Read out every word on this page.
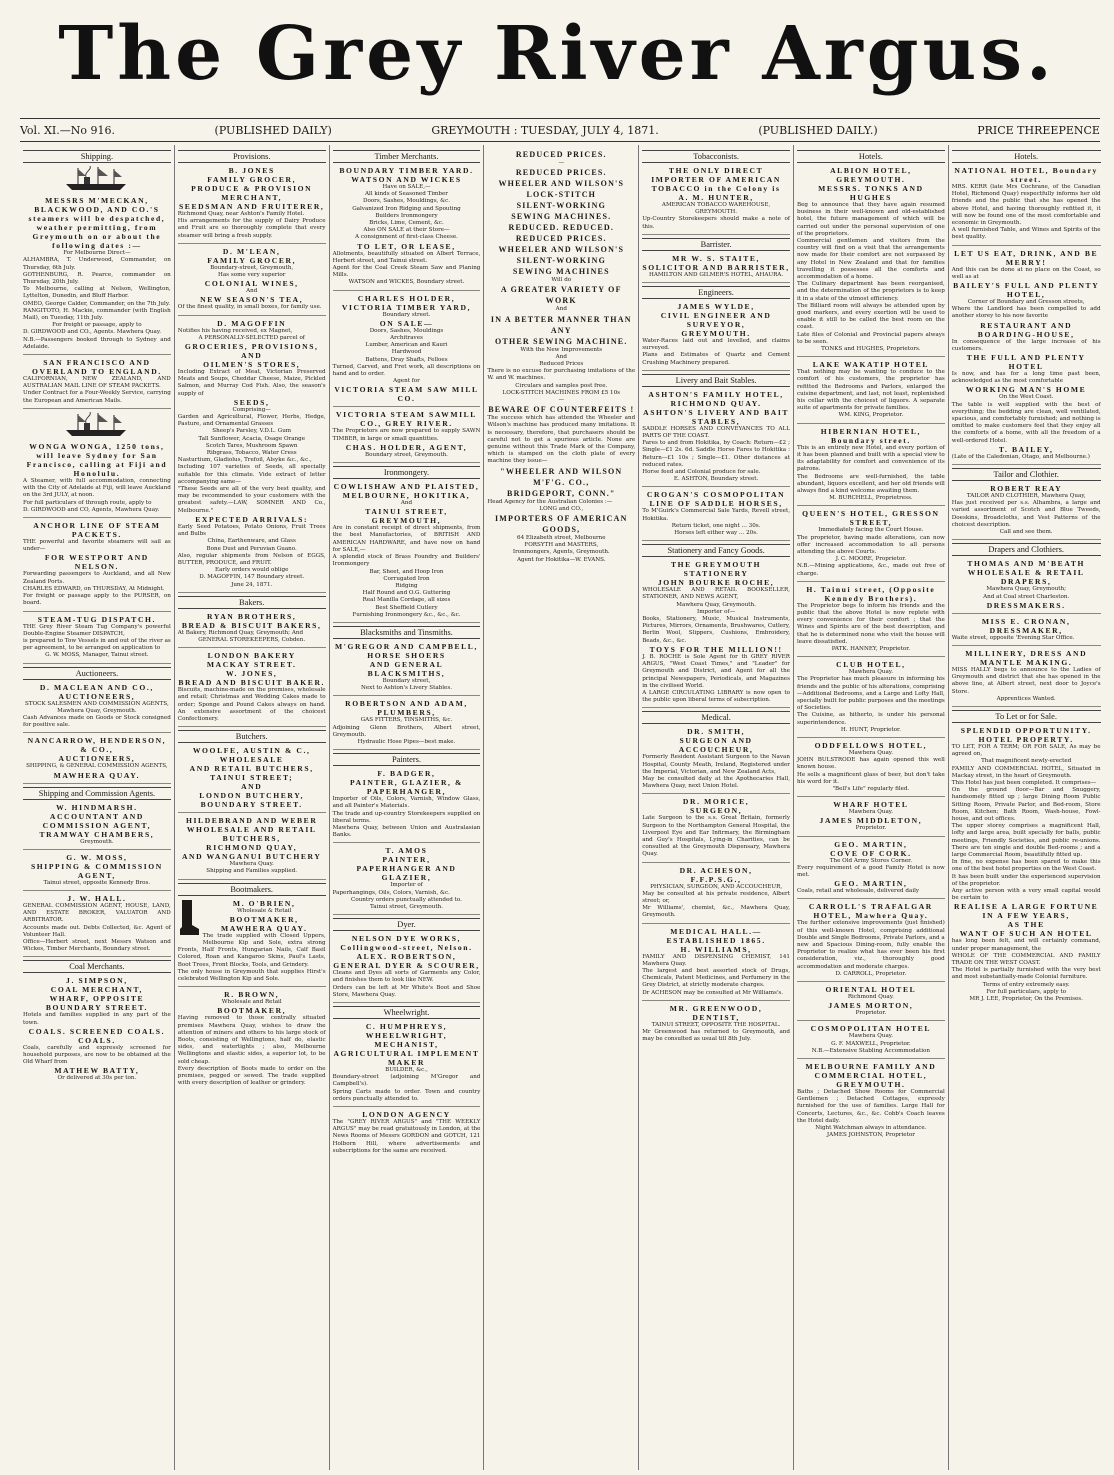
The Grey River Argus.
Vol. XI.—No 916.	(PUBLISHED DAILY)	GREYMOUTH : TUESDAY, JULY 4, 1871.	(PUBLISHED DAILY.)	PRICE THREEPENCE
Shipping.
MESSRS M'MECKAN, BLACKWOOD, AND CO.'S steamers will be despatched, weather permitting, from Greymouth on or about the following dates :—
For Melbourne Direct—
ALHAMBRA, T. Underwood, Commander, on Thursday, 6th July.
GOTHENBURG, R. Pearce, commander on Thursday, 20th July.
To Melbourne, calling at Nelson, Wellington, Lyttelton, Dunedin, and Bluff Harbor.
OMEO, George Calder, Commander, on the 7th July.
RANGITOTO, H. Mackie, commander (with English Mail), on Tuesday, 11th July.
For freight or passage, apply to
D. GIRDWOOD and CO., Agents. Mawhera Quay.
N.B.—Passengers booked through to Sydney and Adelaide.
SAN FRANCISCO AND OVERLAND TO ENGLAND.
CALIFORNIAN, NEW ZEALAND, AND AUSTRALIAN MAIL LINE OF STEAM PACKETS.
Under Contract for a Four-Weekly Service, carrying the European and American Mails.
WONGA WONGA, 1250 tons, will leave Sydney for San Francisco, calling at Fiji and Honolulu.
A Steamer, with full accommodation, connecting with the City of Adelaide at Fiji, will leave Auckland on the 3rd JULY, at noon.
For full particulars of through route, apply to
D. GIRDWOOD and CO, Agents, Mawhera Quay.
ANCHOR LINE OF STEAM PACKETS.
THE powerful and favorite steamers will sail as under—
FOR WESTPORT AND NELSON.
Forwarding passengers to Auckland, and all New Zealand Ports.
CHARLES EDWARD, on THURSDAY, At Midnight.
For freight or passage apply to the PURSER, on board.
STEAM-TUG DISPATCH.
THE Grey River Steam Tug Company's powerful Double-Engine Steamer DISPATCH,
is prepared to Tow Vessels in and out of the river as per agreement, to be arranged on application to
G. W. MOSS, Manager, Tainui street.
Auctioneers.
D. MACLEAN AND CO.,
AUCTIONEERS,
STOCK SALESMEN AND COMMISSION AGENTS,
Mawhera Quay, Greymouth.
Cash Advances made on Goods or Stock consigned for positive sale.
NANCARROW, HENDERSON, & CO.,
AUCTIONEERS,
SHIPPING, & GENERAL COMMISSION AGENTS,
MAWHERA QUAY.
Shipping and Commission Agents.
W. HINDMARSH.
ACCOUNTANT AND COMMISSION AGENT,
TRAMWAY CHAMBERS,
Greymouth.
G. W. MOSS,
SHIPPING & COMMISSION AGENT,
Tainui street, opposite Kennedy Bros.
J. W. HALL.
GENERAL COMMISSION AGENT, HOUSE, LAND, AND ESTATE BROKER, VALUATOR AND ARBITRATOR.
Accounts made out. Debts Collected, &c. Agent of Volunteer Hall.
Office—Herbert street, next Messrs Watson and Wickes, Timber Merchants, Boundary street.
Coal Merchants.
J. SIMPSON,
COAL MERCHANT,
WHARF, OPPOSITE BOUNDARY STREET.
Hotels and families supplied in any part of the town.
COALS. SCREENED COALS. COALS.
Coals, carefully and expressly screened for household purposes, are now to be obtained at the Old Wharf from
MATHEW BATTY,
Or delivered at 30s per ton.
Provisions.
B. JONES
FAMILY GROCER,
PRODUCE & PROVISION MERCHANT,
SEEDSMAN AND FRUITERER,
Richmond Quay, near Ashton's Family Hotel.
His arrangements for the supply of Dairy Produce and Fruit are so thoroughly complete that every steamer will bring a fresh supply.
D. M'LEAN,
FAMILY GROCER,
Boundary-street, Greymouth,
Has some very superior
COLONIAL WINES,
And
NEW SEASON'S TEA,
Of the finest quality, in small boxes, for family use.
D. MAGOFFIN
Notifies his having received, ex Magnet,
A PERSONALLY-SELECTED parcel of
GROCERIES, PROVISIONS, AND
OILMEN'S STORES,
Including Extract of Meat, Victorian Preserved Meats and Soups, Cheddar Cheese, Maize, Pickled Salmon, and Murray Cod Fish. Also, the season's supply of
SEEDS,
Comprising—
Garden and Agricultural, Flower, Herbs, Hedge, Pasture, and Ornamental Grasses
Sheep's Parsley, V.D.L. Gum
Tall Sunflower, Acacia, Osage Orange
Scotch Tares, Mushroom Spawn
Ribgrass, Tobacco, Water Cress
Nasturtium, Gladiolus, Trefoil, Alsyke &c., &c.,
Including 107 varieties of Seeds, all specially suitable for this climate. Vide extract of letter accompanying same—
"These Seeds are all of the very best quality, and may be recommended to your customers with the greatest safety.—LAW, SOMNER AND Co., Melbourne."
EXPECTED ARRIVALS:
Early Seed Potatoes, Potato Onions, Fruit Trees and Bulbs
China, Earthenware, and Glass
Bone Dust and Peruvian Guano.
Also, regular shipments from Nelson of EGGS, BUTTER, PRODUCE, and FRUIT.
Early orders would oblige
D. MAGOFFIN, 147 Boundary street.
June 24, 1871.
Bakers.
RYAN BROTHERS,
BREAD & BISCUIT BAKERS,
At Bakery, Richmond Quay, Greymouth; And
GENERAL STOREKEEPERS, Cobden.
LONDON BAKERY
MACKAY STREET.
W. JONES,
BREAD AND BISCUIT BAKER.
Biscuits, machine-made on the premises, wholesale and retail; Christmas and Wedding Cakes made to order; Sponge and Pound Cakes always on hand. An extensive assortment of the choicest Confectionery.
Butchers.
WOOLFE, AUSTIN & C.,
WHOLESALE
AND RETAIL BUTCHERS,
TAINUI STREET;
AND
LONDON BUTCHERY,
BOUNDARY STREET.
HILDEBRAND AND WEBER
WHOLESALE AND RETAIL BUTCHERS,
RICHMOND QUAY,
AND WANGANUI BUTCHERY
Mawhera Quay.
Shipping and Families supplied.
Bootmakers.
M. O'BRIEN,
Wholesale & Retail
BOOTMAKER,
MAWHERA QUAY.
The trade supplied with Closed Uppers, Melbourne Kip and Sole, extra strong Fronts, Half Fronts, Hungarian Nails, Calf Basil Colored, Roan and Kangaroo Skins, Paul's Lasts, Boot Trees, Front Blocks, Tools, and Grindery.
The only house in Greymouth that supplies Hirst's celebrated Wellington Kip and Sole.
R. BROWN,
Wholesale and Retail
BOOTMAKER,
Having removed to those centrally situated premises Mawhera Quay, wishes to draw the attention of miners and others to his large stock of Boots, consisting of Wellingtons, half do, elastic sides, and watertights ; also, Melbourne Wellingtons and elastic sides, a superior lot, to be sold cheap.
Every description of Boots made to order on the premises, pegged or sewed. The trade supplied with every description of leather or grindery.
Timber Merchants.
BOUNDARY TIMBER YARD.
WATSON AND WICKES
Have on SALE,—
All kinds of Seasoned Timber
Doors, Sashes, Mouldings, &c.
Galvanized Iron Ridging and Spouting
Builders Ironmongery
Bricks, Lime, Cement, &c.
Also ON SALE at their Store—
A consignment of first-class Cheese.
TO LET, OR LEASE,
Allotments, beautifully situated on Albert Terrace, Herbert street, and Tainui street.
Agent for the Coal Creek Steam Saw and Planing Mills.
WATSON and WICKES, Boundary street.
CHARLES HOLDER,
VICTORIA TIMBER YARD,
Boundary street.
ON SALE—
Doors, Sashes, Mouldings
Architraves
Lumber, American and Kauri
Hardwood
Battens, Dray Shafts, Felloes
Turned, Carved, and Fret work, all descriptions on hand and to order.
Agent for
VICTORIA STEAM SAW MILL CO.
VICTORIA STEAM SAWMILL CO., GREY RIVER.
The Proprietors are now prepared to supply SAWN TIMBER, in large or small quantities.
CHAS. HOLDER, AGENT,
Boundary street, Greymouth.
Ironmongery.
COWLISHAW AND PLAISTED,
MELBOURNE, HOKITIKA,
And
TAINUI STREET, GREYMOUTH,
Are in constant receipt of direct shipments, from the best Manufactories, of BRITISH AND AMERICAN HARDWARE, and have now on hand for SALE,—
A splendid stock of Brass Foundry and Builders' Ironmongery
Bar, Sheet, and Hoop Iron
Corrugated Iron
Ridging
Half Round and O.G. Guttering
Real Manilla Cordage, all sizes
Best Sheffield Cutlery
Furnishing Ironmongery &c., &c., &c.
Blacksmiths and Tinsmiths.
M'GREGOR AND CAMPBELL,
HORSE SHOERS
AND GENERAL BLACKSMITHS,
Boundary street,
Next to Ashton's Livery Stables.
ROBERTSON AND ADAM,
PLUMBERS,
GAS FITTERS, TINSMITHS, &c.
Adjoining Glenn Brothers, Albert street, Greymouth.
Hydraulic Hose Pipes—best make.
Painters.
F. BADGER,
PAINTER, GLAZIER, & PAPERHANGER,
Importer of Oils, Colors, Varnish, Window Glass, and all Painter's Materials.
The trade and up-country Storekeepers supplied on liberal terms.
Mawhera Quay, between Union and Australasian Banks.
T. AMOS
PAINTER,
PAPERHANGER AND GLAZIER,
Importer of
Paperhangings, Oils, Colors, Varnish, &c.
Country orders punctually attended to.
Tainui street, Greymouth.
Dyer.
NELSON DYE WORKS, Collingwood-street, Nelson.
ALEX. ROBERTSON,
GENERAL DYER & SCOURER,
Cleans and Dyes all sorts of Garments any Color, and finishes them to look like NEW.
Orders can be left at Mr White's Boot and Shoe Store, Mawhera Quay.
Wheelwright.
C. HUMPHREYS,
WHEELWRIGHT, MECHANIST,
AGRICULTURAL IMPLEMENT MAKER
BUILDER, &c.,
Boundary-street (adjoining M'Gregor and Campbell's).
Spring Carts made to order. Town and country orders punctually attended to.
LONDON AGENCY
The "GREY RIVER ARGUS" and "THE WEEKLY ARGUS" may be read gratuitously in London, at the News Rooms of Messrs GORDON and GOTCH, 121 Holborn Hill, where advertisements and subscriptions for the same are received.
REDUCED PRICES.
—
REDUCED PRICES.
WHEELER AND WILSON'S
LOCK-STITCH
SILENT-WORKING
SEWING MACHINES.
REDUCED. REDUCED. REDUCED PRICES.
WHEELER AND WILSON'S
SILENT-WORKING
SEWING MACHINES
Will do
A GREATER VARIETY OF WORK
And
IN A BETTER MANNER THAN ANY
OTHER SEWING MACHINE.
With the New Improvements
And
Reduced Prices
There is no excuse for purchasing imitations of the W. and W. machines.
Circulars and samples post free.
LOCK-STITCH MACHINES FROM £5 10s
—
BEWARE OF COUNTERFEITS !
The success which has attended the Wheeler and Wilson's machine has produced many imitations. It is necessary, therefore, that purchasers should be careful not to get a spurious article. None are genuine without this Trade Mark of the Company, which is stamped on the cloth plate of every machine they issue—
"WHEELER AND WILSON M'F'G. CO.,
BRIDGEPORT, CONN."
Head Agency for the Australian Colonies :—
LONG and CO.,
IMPORTERS OF AMERICAN GOODS,
64 Elizabeth street, Melbourne
FORSYTH and MASTERS,
Ironmongers, Agents, Greymouth.
Agent for Hokitika—W. EVANS.
Tobacconists.
THE ONLY DIRECT IMPORTER OF AMERICAN TOBACCO in the Colony is
A. M. HUNTER,
AMERICAN TOBACCO WAREHOUSE, GREYMOUTH.
Up-Country Storekeepers should make a note of this.
Barrister.
MR W. S. STAITE,
SOLICITOR AND BARRISTER,
HAMILTON AND GILMER'S HOTEL, AHAURA.
Engineers.
JAMES WYLDE,
CIVIL ENGINEER AND SURVEYOR,
GREYMOUTH.
Water-Races laid out and levelled, and claims surveyed.
Plans and Estimates of Quartz and Cement Crushing Machinery prepared.
Livery and Bait Stables.
ASHTON'S FAMILY HOTEL, RICHMOND QUAY.
ASHTON'S LIVERY AND BAIT STABLES,
SADDLE HORSES AND CONVEYANCES TO ALL PARTS OF THE COAST.
Fares to and from Hokitika, by Coach: Return—£2 ; Single—£1 2s. 6d. Saddle Horse Fares to Hokitika : Return—£1 10s ; Single—£1. Other distances at reduced rates.
Horse feed and Colonial produce for sale.
E. ASHTON, Boundary street.
CROGAN'S COSMOPOLITAN LINE OF SADDLE HORSES,
To M'Guirk's Commercial Sale Yards, Revell street, Hokitika.
Return ticket, one night ... 30s.
Horses left either way ... 20s.
Stationery and Fancy Goods.
THE GREYMOUTH STATIONERY
JOHN BOURKE ROCHE,
WHOLESALE AND RETAIL BOOKSELLER, STATIONER, AND NEWS AGENT,
Mawhera Quay, Greymouth.
Importer of—
Books, Stationery, Music, Musical Instruments, Pictures, Mirrors, Ornaments, Brushwares, Cutlery, Berlin Wool, Slippers, Cushions, Embroidery, Beads, &c., &c.
TOYS FOR THE MILLION!!
J. B. ROCHE is Sole Agent for th GREY RIVER ARGUS, "West Coast Times," and "Leader" for Greymouth and District, and Agent for all the principal Newspapers, Periodicals, and Magazines in the civilised World.
A LARGE CIRCULATING LIBRARY is now open to the public upon liberal terms of subscription.
Medical.
DR. SMITH,
SURGEON AND ACCOUCHEUR,
Formerly Resident Assistant Surgeon to the Navan Hospital, County Meath, Ireland, Registered under the Imperial, Victorian, and New Zealand Acts,
May be consulted daily at the Apothecaries Hall, Mawhera Quay, next Union Hotel.
DR. MORICE,
SURGEON,
Late Surgeon to the s.s. Great Britain, formerly Surgeon to the Northampton General Hospital, the Liverpool Eye and Ear Infirmary, the Birmingham and Guy's Hospitals, Lying-in Charities, can be consulted at the Greymouth Dispensary, Mawhera Quay.
DR. ACHESON,
F.F.P.S.G.,
PHYSICIAN, SURGEON, AND ACCOUCHEUR,
May be consulted at his private residence, Albert street; or,
Mr Williams', chemist, &c., Mawhera Quay, Greymouth.
MEDICAL HALL.—ESTABLISHED 1865.
H. WILLIAMS,
FAMILY AND DISPENSING CHEMIST, 141 Mawhera Quay.
The largest and best assorted stock of Drugs, Chemicals, Patent Medicines, and Perfumery in the Grey District, at strictly moderate charges.
Dr ACHESON may be consulted at Mr Williams's.
MR. GREENWOOD,
DENTIST,
TAINUI STREET, OPPOSITE THE HOSPITAL.
Mr Greenwood has returned to Greymouth, and may be consulted as usual till 8th July.
Hotels.
ALBION HOTEL,
GREYMOUTH.
MESSRS. TONKS AND HUGHES
Beg to announce that they have again resumed business in their well-known and old-established hotel, the future management of which will be carried out under the personal supervision of one of the proprietors.
Commercial gentlemen and visitors from the country will find on a visit that the arrangements now made for their comfort are not surpassed by any Hotel in New Zealand and that for families travelling it possesses all the comforts and accommodation of a home.
The Culinary department has been reorganised, and the determination of the proprietors is to keep it in a state of the utmost efficiency.
The Billiard room will always be attended upon by good markers, and every exertion will be used to enable it still to be called the best room on the coast.
Late files of Colonial and Provincial papers always to be seen.
TONKS and HUGHES, Proprietors.
LAKE WAKATIP HOTEL
That nothing may be wanting to conduce to the comfort of his customers, the proprietor has refitted the Bedrooms and Parlors, enlarged the cuisine department, and last, not least, replenished his cellar with the choicest of liquors. A separate suite of apartments for private families.
WM. KING, Proprietor.
HIBERNIAN HOTEL, Boundary street.
This is an entirely new Hotel, and every portion of it has been planned and built with a special view to its adaptability for comfort and convenience of its patrons.
The Bedrooms are well-furnished, the table abundant, liquors excellent, and her old friends will always find a kind welcome awaiting them.
M. BURCHELL, Proprietress.
QUEEN'S HOTEL, GRESSON STREET,
Immediately facing the Court House.
The proprietor, having made alterations, can now offer increased accommodation to all persons attending the above Courts.
J. C. MOORE, Proprietor.
N.B.—Mining applications, &c., made out free of charge.
H. Tainui street, (Opposite Kennedy Brothers).
The Proprietor begs to inform his friends and the public that the above Hotel is now replete with every convenience for their comfort ; that the Wines and Spirits are of the best description, and that he is determined none who visit the house will leave dissatisfied.
PATK. HANNEY, Proprietor.
CLUB HOTEL,
Mawhera Quay.
The Proprietor has much pleasure in informing his friends and the public of his alterations, comprising—Additional Bedrooms, and a Large and Lofty Hall, specially built for public purposes and the meetings of Societies.
The Cuisine, as hitherto, is under his personal superintendence.
H. HUNT, Proprietor.
ODDFELLOWS HOTEL,
Mawhera Quay.
JOHN BULSTRODE has again opened this well known house.
He sells a magnificent glass of beer, but don't take his word for it.
"Bell's Life" regularly filed.
WHARF HOTEL
Mawhera Quay.
JAMES MIDDLETON,
Proprietor.
GEO. MARTIN,
COVE OF CORK.
The Old Army Stores Corner.
Every requirement of a good Family Hotel is now met.
GEO. MARTIN,
Coals, retail and wholesale, delivered daily
CARROLL'S TRAFALGAR HOTEL, Mawhera Quay.
The further extensive improvements (just finished) of this well-known Hotel, comprising additional Double and Single Bedrooms, Private Parlors, and a new and Spacious Dining-room, fully enable the Proprietor to realize what has ever been his first consideration, viz., thoroughly good accommodation and moderate charges.
D. CARROLL, Proprietor.
ORIENTAL HOTEL
Richmond Quay.
JAMES MORTON,
Proprietor.
COSMOPOLITAN HOTEL
Mawhera Quay.
G. F. MAXWELL, Proprietor.
N.B.—Extensive Stabling Accommodation
MELBOURNE FAMILY AND COMMERCIAL HOTEL, GREYMOUTH.
Baths ; Detached Show Rooms for Commercial Gentlemen ; Detached Cottages, expressly furnished for the use of families. Large Hall for Concerts, Lectures, &c., &c. Cobb's Coach leaves the Hotel daily.
Night Watchman always in attendance.
JAMES JOHNSTON, Proprietor
Hotels.
NATIONAL HOTEL, Boundary street.
MRS. KERR (late Mrs Cochrane, of the Canadian Hotel, Richmond Quay) respectfully informs her old friends and the public that she has opened the above Hotel, and having thoroughly refitted it, it will now be found one of the most comfortable and economic in Greymouth.
A well furnished Table, and Wines and Spirits of the best quality.
LET US EAT, DRINK, AND BE MERRY!
And this can be done at no place on the Coast, so well as at
BAILEY'S FULL AND PLENTY HOTEL,
Corner of Boundary and Gresson streets,
Where the Landlord has been compelled to add another storey to his now favorite
RESTAURANT AND BOARDING-HOUSE,
In consequence of the large increase of his customers.
THE FULL AND PLENTY HOTEL
Is now, and has for a long time past been, acknowledged as the most comfortable
WORKING MAN'S HOME
On the West Coast.
The table is well supplied with the best of everything; the bedding are clean, well ventilated, spacious, and comfortably furnished; and nothing is omitted to make customers feel that they enjoy all the comforts of a home, with all the freedom of a well-ordered Hotel.
T. BAILEY,
(Late of the Caledonian, Otago, and Melbourne.)
Tailor and Clothier.
ROBERT REAY
TAILOR AND CLOTHIER, Mawhera Quay,
Has just received per s.s. Alhambra, a large and varied assortment of Scotch and Blue Tweeds, Doeskins, Broadcloths, and Vest Patterns of the choicest description.
Call and see them.
Drapers and Clothiers.
THOMAS AND M'BEATH
WHOLESALE & RETAIL DRAPERS,
Mawhera Quay, Greymouth;
And at Coal street Charleston.
DRESSMAKERS.
MISS E. CRONAN,
DRESSMAKER,
Waite street, opposite 'Evening Star Office.
MILLINERY, DRESS AND MANTLE MAKING.
MISS HALLY begs to announce to the Ladies of Greymouth and district that she has opened in the above line, at Albert street, next door to Joyce's Store.
Apprentices Wanted.
To Let or for Sale.
SPLENDID OPPORTUNITY.
HOTEL PROPERTY.
TO LET, FOR A TERM; OR FOR SALE, As may be agreed on,
That magnificent newly-erected
FAMILY AND COMMERCIAL HOTEL, Situated in Mackay street, in the heart of Greymouth.
This Hotel has just been completed. It comprises—
On the ground floor—Bar and Snuggery, handsomely fitted up ; large Dining Room Public Sitting Room, Private Parlor, and Bed-room, Store Room, Kitchen; Bath Room, Wash-house, Fowl-house, and out offices.
The upper storey comprises a magnificent Hall, lofty and large area, built specially for balls, public meetings, Friendly Societies, and public re-unions. There are ten single and double Bed-rooms ; and a large Commercial Room, beautifully fitted up.
In fine, no expense has been spared to make this one of the best hotel properties on the West Coast.
It has been built under the experienced supervision of the proprietor.
Any active person with a very small capital would be certain to
REALISE A LARGE FORTUNE
IN A FEW YEARS,
AS THE
WANT OF SUCH AN HOTEL
has long been felt, and will certainly command, under proper management, the
WHOLE OF THE COMMERCIAL AND FAMILY TRADE ON THE WEST COAST.
The Hotel is partially furnished with the very best and most substantially-made Colonial furniture.
Terms of entry extremely easy.
For full particulars, apply to
MR J. LEE, Proprietor, On the Premises.
